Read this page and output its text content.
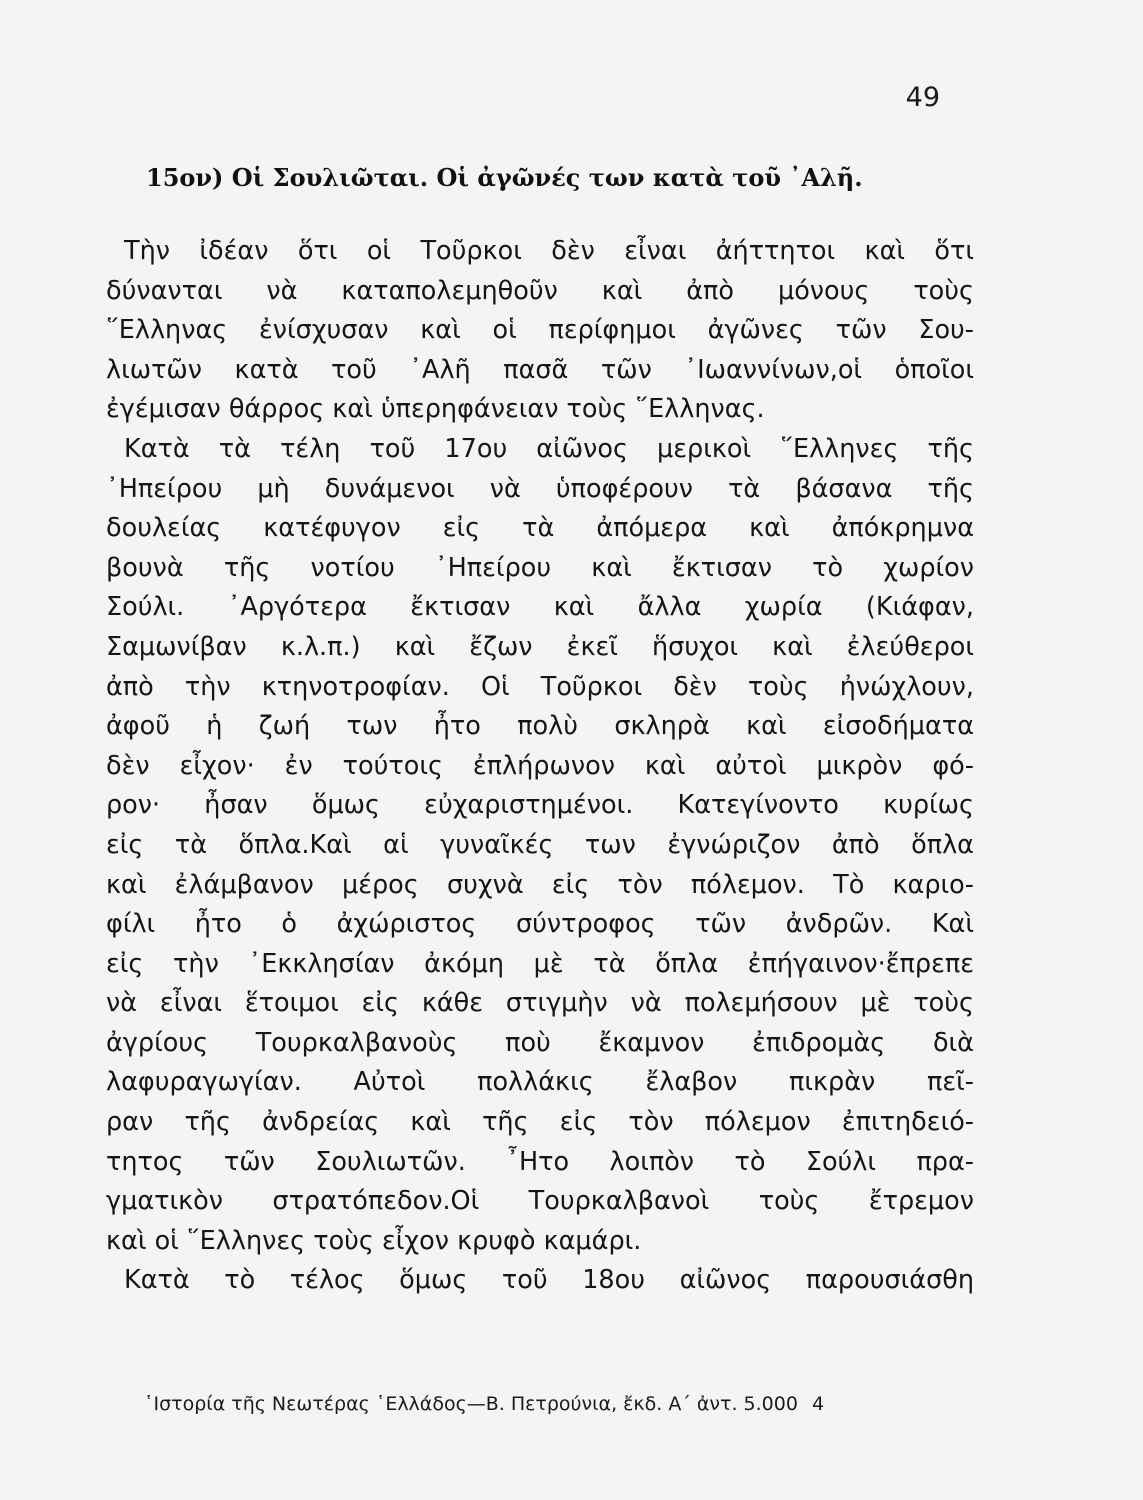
49
15ον) Οἱ Σουλιῶται. Οἱ ἀγῶνές των κατὰ τοῦ ᾿Αλῆ.
Τὴν ἰδέαν ὅτι οἱ Τοῦρκοι δὲν εἶναι ἀήττητοι καὶ ὅτι
δύνανται νὰ καταπολεμηθοῦν καὶ ἀπὸ μόνους τοὺς
῞Ελληνας ἐνίσχυσαν καὶ οἱ περίφημοι ἀγῶνες τῶν Σου-
λιωτῶν κατὰ τοῦ ᾿Αλῆ πασᾶ τῶν ᾿Ιωαννίνων,οἱ ὁποῖοι
ἐγέμισαν θάρρος καὶ ὑπερηφάνειαν τοὺς ῞Ελληνας.
Κατὰ τὰ τέλη τοῦ 17ου αἰῶνος μερικοὶ ῞Ελληνες τῆς
᾿Ηπείρου μὴ δυνάμενοι νὰ ὑποφέρουν τὰ βάσανα τῆς
δουλείας κατέφυγον εἰς τὰ ἀπόμερα καὶ ἀπόκρημνα
βουνὰ τῆς νοτίου ᾿Ηπείρου καὶ ἔκτισαν τὸ χωρίον
Σούλι. ᾿Αργότερα ἔκτισαν καὶ ἄλλα χωρία (Κιάφαν,
Σαμωνίβαν κ.λ.π.) καὶ ἔζων ἐκεῖ ἥσυχοι καὶ ἐλεύθεροι
ἀπὸ τὴν κτηνοτροφίαν. Οἱ Τοῦρκοι δὲν τοὺς ἠνώχλουν,
ἀφοῦ ἡ ζωή των ἦτο πολὺ σκληρὰ καὶ εἰσοδήματα
δὲν εἶχον· ἐν τούτοις ἐπλήρωνον καὶ αὐτοὶ μικρὸν φό-
ρον· ἦσαν ὅμως εὐχαριστημένοι. Κατεγίνοντο κυρίως
εἰς τὰ ὅπλα.Καὶ αἱ γυναῖκές των ἐγνώριζον ἀπὸ ὅπλα
καὶ ἐλάμβανον μέρος συχνὰ εἰς τὸν πόλεμον. Τὸ καριο-
φίλι ἦτο ὁ ἀχώριστος σύντροφος τῶν ἀνδρῶν. Καὶ
εἰς τὴν ᾿Εκκλησίαν ἀκόμη μὲ τὰ ὅπλα ἐπήγαινον·ἔπρεπε
νὰ εἶναι ἕτοιμοι εἰς κάθε στιγμὴν νὰ πολεμήσουν μὲ τοὺς
ἀγρίους Τουρκαλβανοὺς ποὺ ἔκαμνον ἐπιδρομὰς διὰ
λαφυραγωγίαν. Αὐτοὶ πολλάκις ἔλαβον πικρὰν πεῖ-
ραν τῆς ἀνδρείας καὶ τῆς εἰς τὸν πόλεμον ἐπιτηδειό-
τητος τῶν Σουλιωτῶν. ῏Ητο λοιπὸν τὸ Σούλι πρα-
γματικὸν στρατόπεδον.Οἱ Τουρκαλβανοὶ τοὺς ἔτρεμον
καὶ οἱ ῞Ελληνες τοὺς εἶχον κρυφὸ καμάρι.
Κατὰ τὸ τέλος ὅμως τοῦ 18ου αἰῶνος παρουσιάσθη
῾Ιστορία τῆς Νεωτέρας ῾Ελλάδος—Β. Πετρούνια, ἔκδ. Α΄ ἀντ. 5.000 4
